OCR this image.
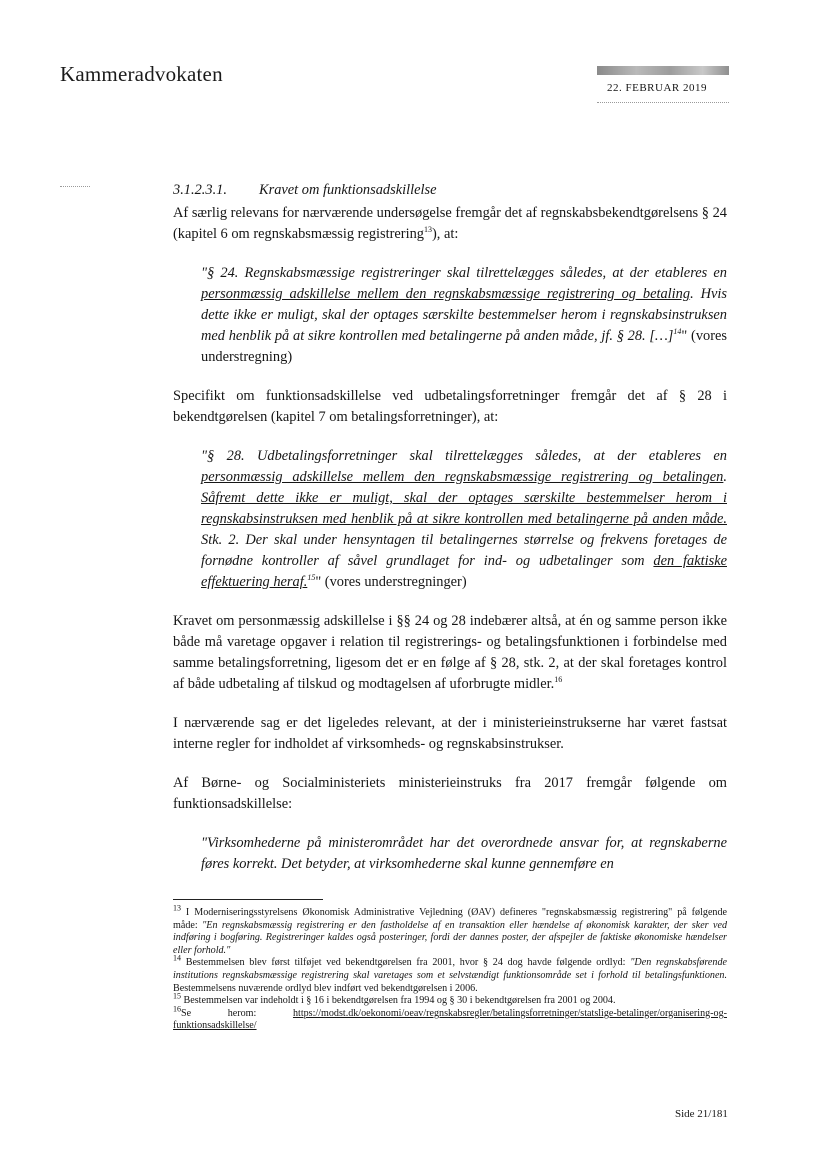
Kammeradvokaten
22. FEBRUAR 2019
3.1.2.3.1. Kravet om funktionsadskillelse

Af særlig relevans for nærværende undersøgelse fremgår det af regnskabsbekendtgørelsens § 24 (kapitel 6 om regnskabsmæssig registrering$^{13}$), at:

"§ 24. Regnskabsmæssige registreringer skal tilrettelægges således, at der etableres en personmæssig adskillelse mellem den regnskabsmæssige registrering og betaling. Hvis dette ikke er muligt, skal der optages særskilte bestemmelser herom i regnskabsinstruksen med henblik på at sikre kontrollen med betalingerne på anden måde, jf. § 28. […]$^{14}$" (vores understregning)

Specifikt om funktionsadskillelse ved udbetalingsforretninger fremgår det af § 28 i bekendtgørelsen (kapitel 7 om betalingsforretninger), at:

"§ 28. Udbetalingsforretninger skal tilrettelægges således, at der etableres en personmæssig adskillelse mellem den regnskabsmæssige registrering og betalingen. Såfremt dette ikke er muligt, skal der optages særskilte bestemmelser herom i regnskabsinstruksen med henblik på at sikre kontrollen med betalingerne på anden måde. Stk. 2. Der skal under hensyntagen til betalingernes størrelse og frekvens foretages de fornødne kontroller af såvel grundlaget for ind- og udbetalinger som den faktiske effektuering heraf.$^{15}$" (vores understregninger)

Kravet om personmæssig adskillelse i §§ 24 og 28 indebærer altså, at én og samme person ikke både må varetage opgaver i relation til registrerings- og betalingsfunktionen i forbindelse med samme betalingsforretning, ligesom det er en følge af § 28, stk. 2, at der skal foretages kontrol af både udbetaling af tilskud og modtagelsen af uforbrugte midler.$^{16}$

I nærværende sag er det ligeledes relevant, at der i ministerieinstrukserne har været fastsat interne regler for indholdet af virksomheds- og regnskabsinstrukser.

Af Børne- og Socialministeriets ministerieinstruks fra 2017 fremgår følgende om funktionsadskillelse:

"Virksomhederne på ministerområdet har det overordnede ansvar for, at regnskaberne føres korrekt. Det betyder, at virksomhederne skal kunne gennemføre en

$^{13}$ I Moderniseringsstyrelsens Økonomisk Administrative Vejledning (ØAV) defineres "regnskabsmæssig registrering" på følgende måde: "En regnskabsmæssig registrering er den fastholdelse af en transaktion eller hændelse af økonomisk karakter, der sker ved indføring i bogføring. Registreringer kaldes også posteringer, fordi der dannes poster, der afspejler de faktiske økonomiske hændelser eller forhold."

$^{14}$ Bestemmelsen blev først tilføjet ved bekendtgørelsen fra 2001, hvor § 24 dog havde følgende ordlyd: "Den regnskabsførende institutions regnskabsmæssige registrering skal varetages som et selvstændigt funktionsområde set i forhold til betalingsfunktionen. Bestemmelsens nuværende ordlyd blev indført ved bekendtgørelsen i 2006.

$^{15}$ Bestemmelsen var indeholdt i § 16 i bekendtgørelsen fra 1994 og § 30 i bekendtgørelsen fra 2001 og 2004.

$^{16}$Se herom: https://modst.dk/oekonomi/oeav/regnskabsregler/betalingsforretninger/statslige-betalinger/organisering-og-funktionsadskillelse/

Side 21/181
